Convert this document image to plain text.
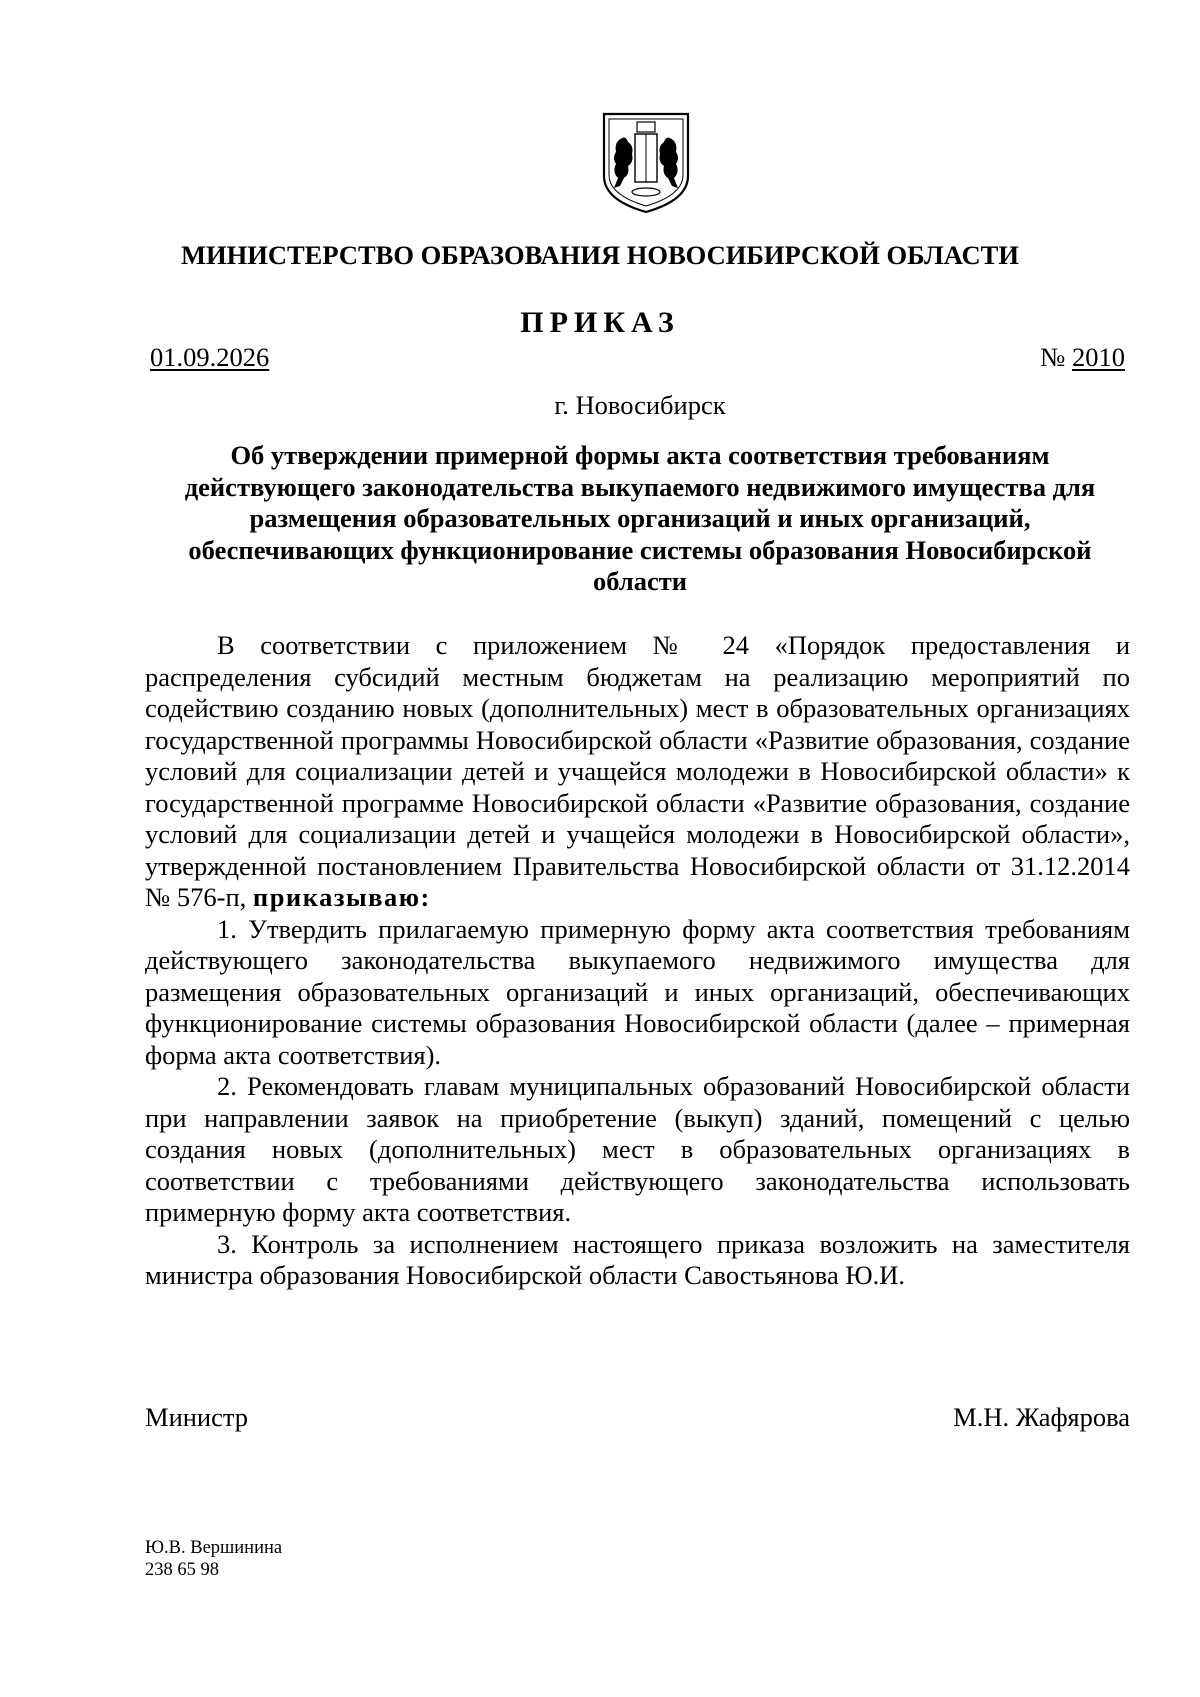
МИНИСТЕРСТВО ОБРАЗОВАНИЯ НОВОСИБИРСКОЙ ОБЛАСТИ
ПРИКАЗ
01.09.2026	№ 2010
г. Новосибирск
Об утверждении примерной формы акта соответствия требованиям действующего законодательства выкупаемого недвижимого имущества для размещения образовательных организаций и иных организаций, обеспечивающих функционирование системы образования Новосибирской области

В соответствии с приложением № 24 «Порядок предоставления и распределения субсидий местным бюджетам на реализацию мероприятий по содействию созданию новых (дополнительных) мест в образовательных организациях государственной программы Новосибирской области «Развитие образования, создание условий для социализации детей и учащейся молодежи в Новосибирской области» к государственной программе Новосибирской области «Развитие образования, создание условий для социализации детей и учащейся молодежи в Новосибирской области», утвержденной постановлением Правительства Новосибирской области от 31.12.2014 № 576-п, приказываю:

1. Утвердить прилагаемую примерную форму акта соответствия требованиям действующего законодательства выкупаемого недвижимого имущества для размещения образовательных организаций и иных организаций, обеспечивающих функционирование системы образования Новосибирской области (далее – примерная форма акта соответствия).

2. Рекомендовать главам муниципальных образований Новосибирской области при направлении заявок на приобретение (выкуп) зданий, помещений с целью создания новых (дополнительных) мест в образовательных организациях в соответствии с требованиями действующего законодательства использовать примерную форму акта соответствия.

3. Контроль за исполнением настоящего приказа возложить на заместителя министра образования Новосибирской области Савостьянова Ю.И.

Министр	М.Н. Жафярова
Ю.В. Вершинина
238 65 98
